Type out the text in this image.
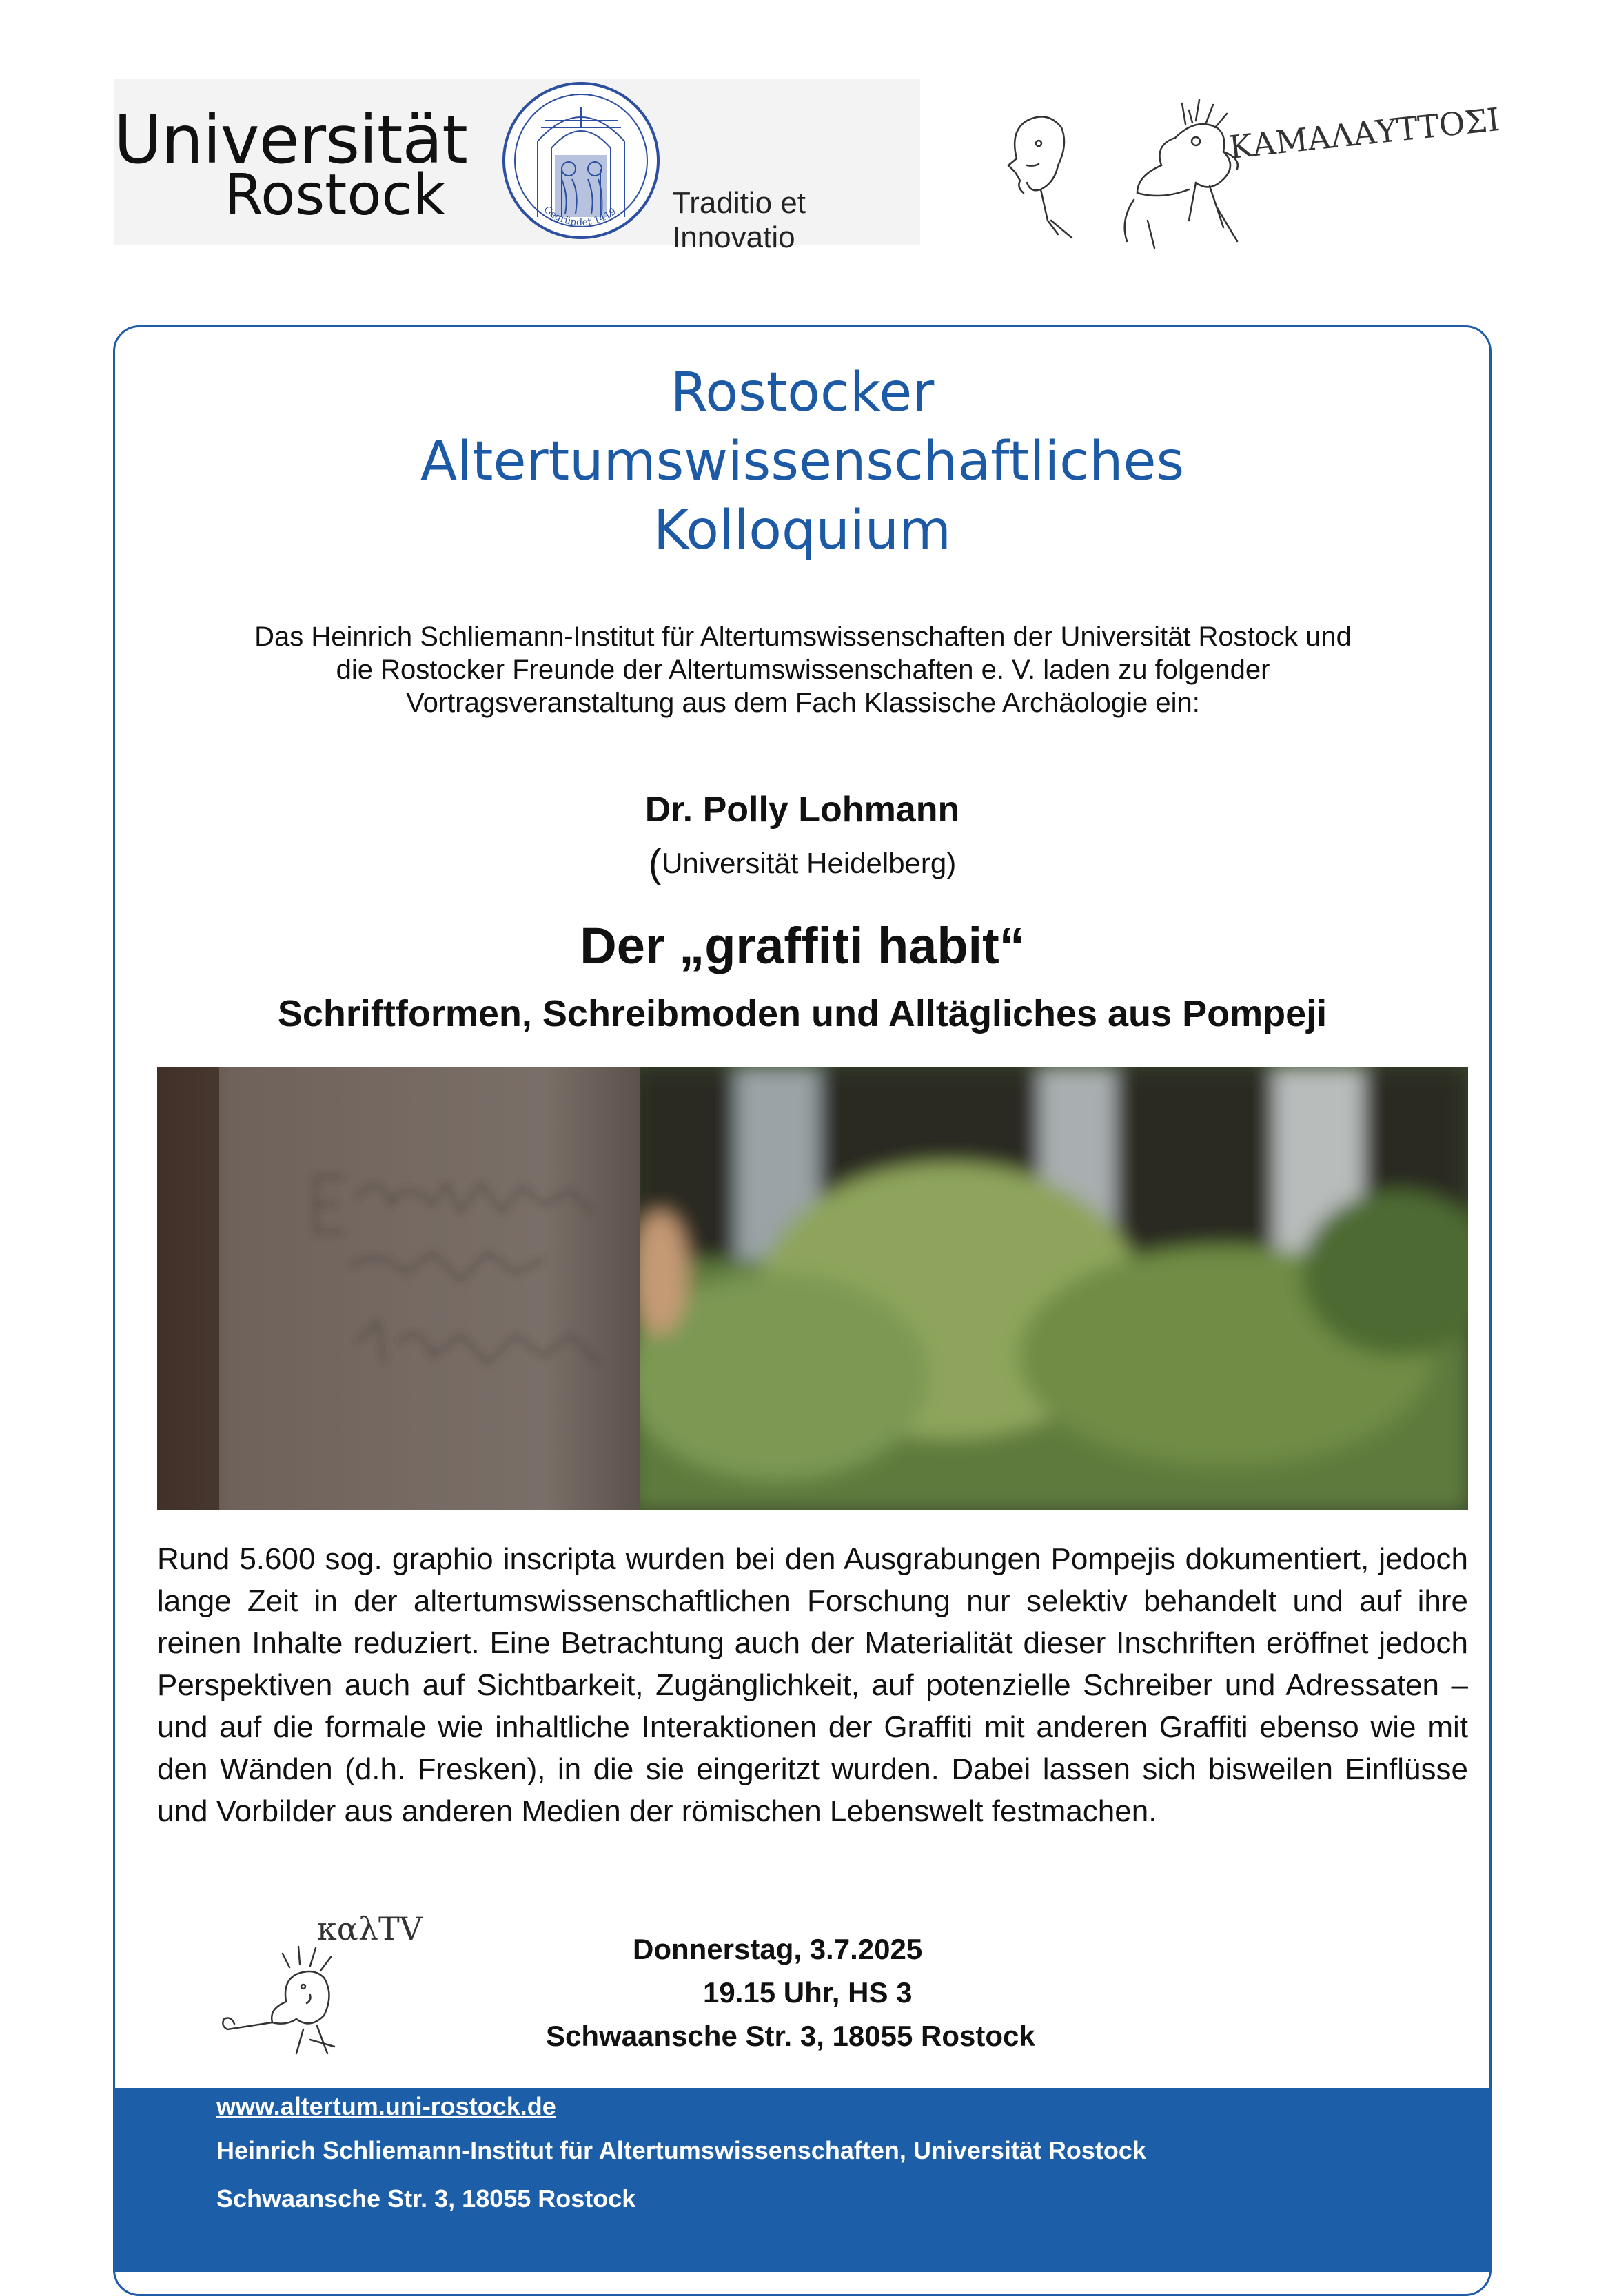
Universität
Rostock	Gegründet 1419 Traditio et Innovatio
ΚΑΜΑΛΑΥΤΤΟΣΙ
Rostocker
Altertumswissenschaftliches
Kolloquium
Das Heinrich Schliemann-Institut für Altertumswissenschaften der Universität Rostock und
die Rostocker Freunde der Altertumswissenschaften e. V. laden zu folgender
Vortragsveranstaltung aus dem Fach Klassische Archäologie ein:
Dr. Polly Lohmann
(Universität Heidelberg)
Der „graffiti habit“
Schriftformen, Schreibmoden und Alltägliches aus Pompeji
Rund 5.600 sog. graphio inscripta wurden bei den Ausgrabungen Pompejis dokumentiert, jedoch lange Zeit in der altertumswissenschaftlichen Forschung nur selektiv behandelt und auf ihre reinen Inhalte reduziert. Eine Betrachtung auch der Materialität dieser Inschriften eröffnet jedoch Perspektiven auch auf Sichtbarkeit, Zugänglichkeit, auf potenzielle Schreiber und Adressaten – und auf die formale wie inhaltliche Interaktionen der Graffiti mit anderen Graffiti ebenso wie mit den Wänden (d.h. Fresken), in die sie eingeritzt wurden. Dabei lassen sich bisweilen Einflüsse und Vorbilder aus anderen Medien der römischen Lebenswelt festmachen.
καλΤV
Donnerstag, 3.7.2025
19.15 Uhr, HS 3
Schwaansche Str. 3, 18055 Rostock
www.altertum.uni-rostock.de
Heinrich Schliemann-Institut für Altertumswissenschaften, Universität Rostock
Schwaansche Str. 3, 18055 Rostock
